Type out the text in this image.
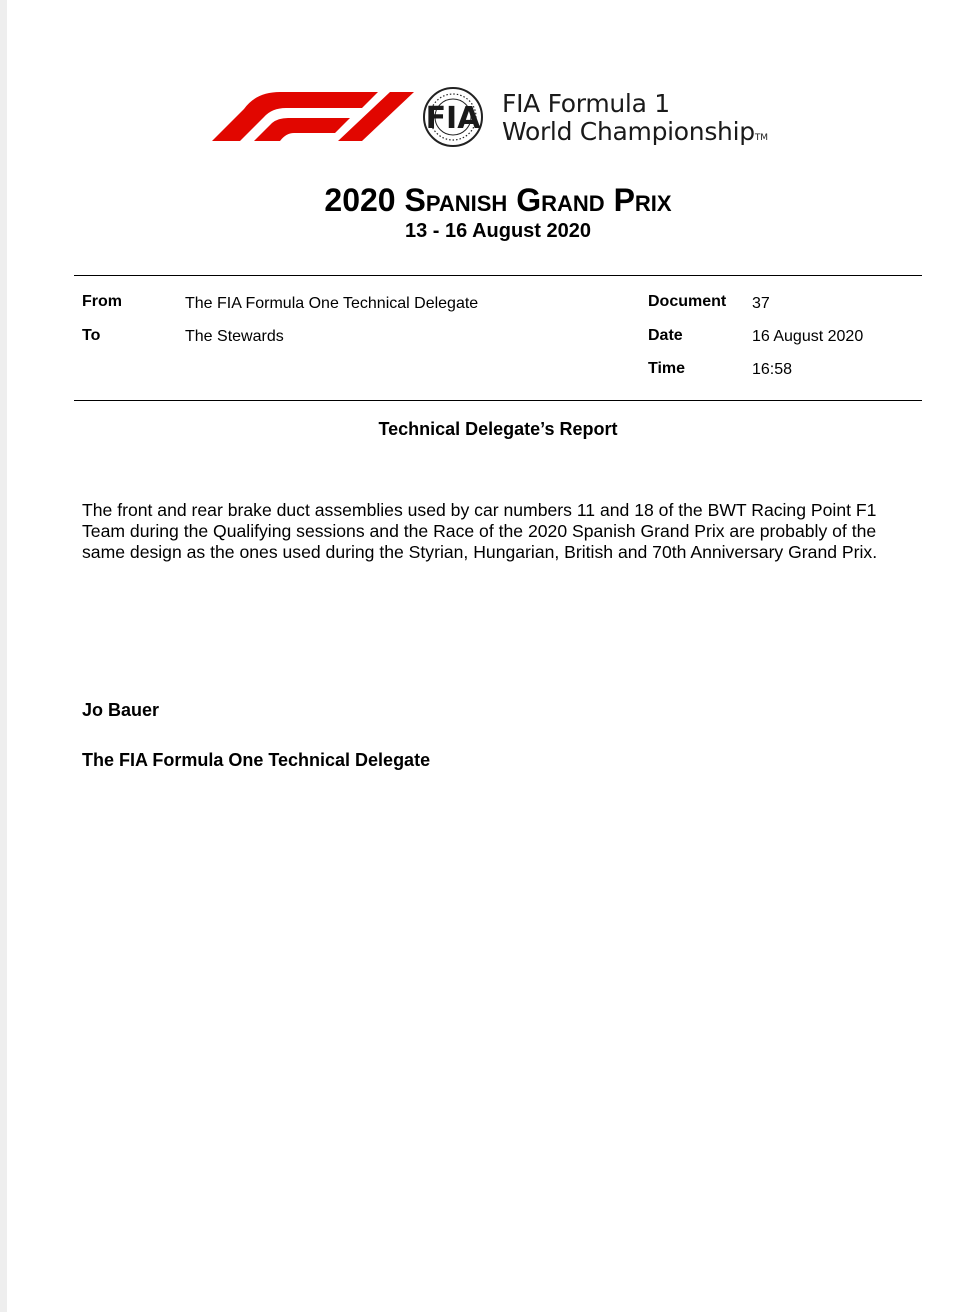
FIA FIA Formula 1
World ChampionshipTM
2020 Spanish Grand Prix
13 - 16 August 2020
From	The FIA Formula One Technical Delegate
To	The Stewards
Document 37
Date	16 August 2020
Time	16:58
Technical Delegate’s Report
The front and rear brake duct assemblies used by car numbers 11 and 18 of the BWT Racing Point F1 Team during the Qualifying sessions and the Race of the 2020 Spanish Grand Prix are probably of the same design as the ones used during the Styrian, Hungarian, British and 70th Anniversary Grand Prix.
Jo Bauer
The FIA Formula One Technical Delegate
